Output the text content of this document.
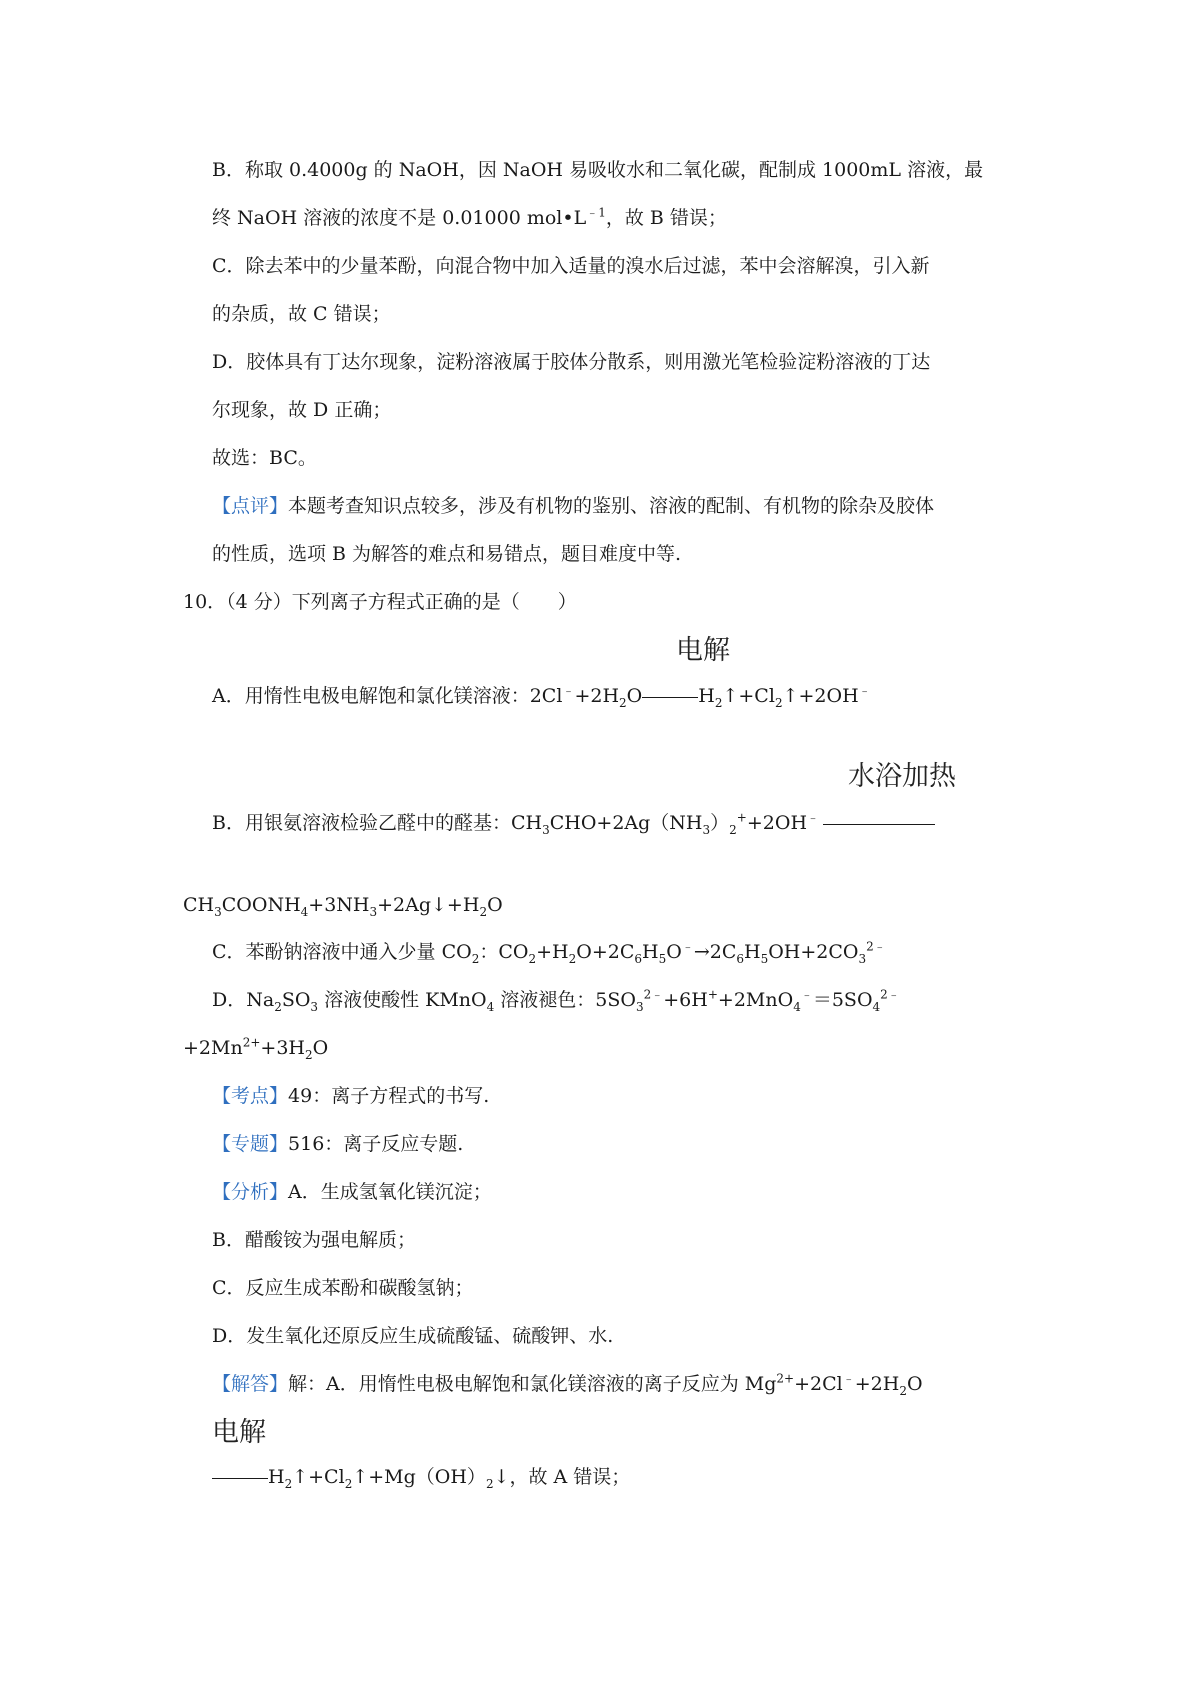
B．称取 0.4000g 的 NaOH，因 NaOH 易吸收水和二氧化碳，配制成 1000mL 溶液，最
终 NaOH 溶液的浓度不是 0.01000 $mol•L^{﹣1}$，故 B 错误；
C．除去苯中的少量苯酚，向混合物中加入适量的溴水后过滤，苯中会溶解溴，引入新
的杂质，故 C 错误；
D．胶体具有丁达尔现象，淀粉溶液属于胶体分散系，则用激光笔检验淀粉溶液的丁达
尔现象，故 D 正确；
故选：BC。
【点评】本题考查知识点较多，涉及有机物的鉴别、溶液的配制、有机物的除杂及胶体
的性质，选项 B 为解答的难点和易错点，题目难度中等.
10．（4 分）下列离子方程式正确的是（　　）
电解
A．用惰性电极电解饱和氯化镁溶液：$2Cl^﹣+2H_2O$	$H_2↑+Cl_2↑+2OH^﹣$
水浴加热
B．用银氨溶液检验乙醛中的醛基：$CH_3CHO+2Ag(NH_3)_2^++2OH^﹣$
$CH_3COONH_4+3NH_3+2Ag↓+H_2O$
C．苯酚钠溶液中通入少量 $CO_2$：$CO_2+H_2O+2C_6H_5O^﹣\to 2C_6H_5OH+2CO_3^{2﹣}$
D．$Na_2SO_3$ 溶液使酸性 KMnO$_4$ 溶液褪色：$5SO_3^{2﹣}+6H^++2MnO_4^﹣=5SO_4^{2﹣}$
$+2Mn^{2+}+3H_2O$
【考点】49：离子方程式的书写.
【专题】516：离子反应专题.
【分析】A．生成氢氧化镁沉淀；
B．醋酸铵为强电解质；
C．反应生成苯酚和碳酸氢钠；
D．发生氧化还原反应生成硫酸锰、硫酸钾、水.
【解答】解：A．用惰性电极电解饱和氯化镁溶液的离子反应为 $Mg^{2+}+2Cl^﹣+2H_2O$
电解
$H_2↑+Cl_2↑+Mg(OH)_2↓$，故 A 错误；
